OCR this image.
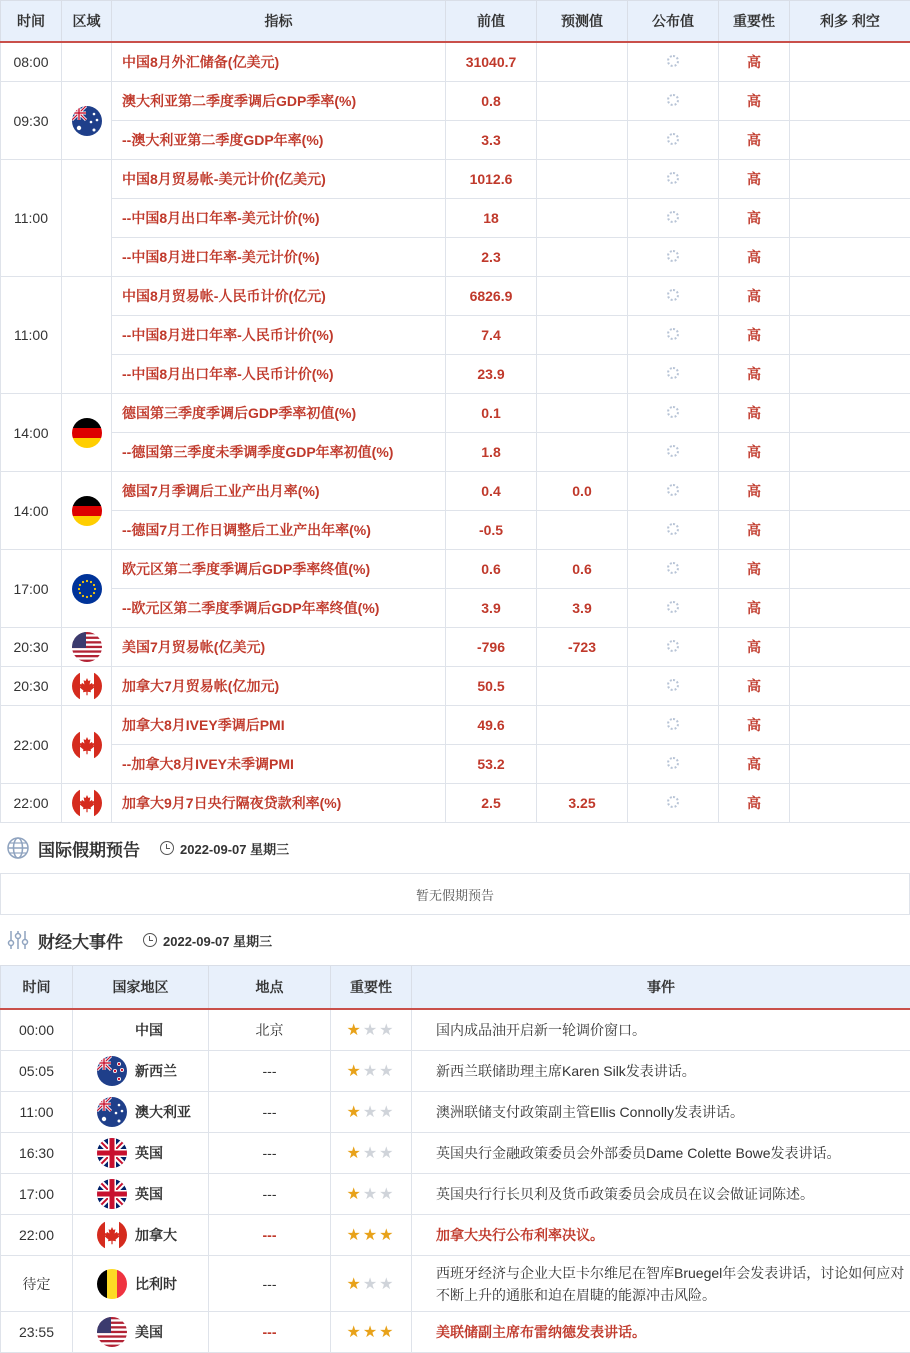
时间	区域	指标	前值	预测值	公布值	重要性	利多 利空
08:00		中国8月外汇储备(亿美元)	31040.7			高	
09:30		澳大利亚第二季度季调后GDP季率(%)	0.8			高	
		--澳大利亚第二季度GDP年率(%)	3.3			高	
11:00		中国8月贸易帐-美元计价(亿美元)	1012.6			高	
		--中国8月出口年率-美元计价(%)	18			高	
		--中国8月进口年率-美元计价(%)	2.3			高	
11:00		中国8月贸易帐-人民币计价(亿元)	6826.9			高	
		--中国8月进口年率-人民币计价(%)	7.4			高	
		--中国8月出口年率-人民币计价(%)	23.9			高	
14:00		德国第三季度季调后GDP季率初值(%)	0.1			高	
		--德国第三季度未季调季度GDP年率初值(%)	1.8			高	
14:00		德国7月季调后工业产出月率(%)	0.4	0.0		高	
		--德国7月工作日调整后工业产出年率(%)	-0.5			高	
17:00		欧元区第二季度季调后GDP季率终值(%)	0.6	0.6		高	
		--欧元区第二季度季调后GDP年率终值(%)	3.9	3.9		高	
20:30		美国7月贸易帐(亿美元)	-796	-723		高	
20:30		加拿大7月贸易帐(亿加元)	50.5			高	
22:00		加拿大8月IVEY季调后PMI	49.6			高	
		--加拿大8月IVEY未季调PMI	53.2			高	
22:00		加拿大9月7日央行隔夜贷款利率(%)	2.5	3.25		高	
国际假期预告	2022-09-07 星期三
暂无假期预告
财经大事件	2022-09-07 星期三
时间	国家地区	地点	重要性	事件
00:00	中国	北京	★★★	国内成品油开启新一轮调价窗口。
05:05	新西兰	---	★★★	新西兰联储助理主席Karen Silk发表讲话。
11:00	澳大利亚	---	★★★	澳洲联储支付政策副主管Ellis Connolly发表讲话。
16:30	英国	---	★★★	英国央行金融政策委员会外部委员Dame Colette Bowe发表讲话。
17:00	英国	---	★★★	英国央行行长贝利及货币政策委员会成员在议会做证词陈述。
22:00	加拿大	---	★★★	加拿大央行公布利率决议。
待定	比利时	---	★★★	西班牙经济与企业大臣卡尔维尼在智库Bruegel年会发表讲话，讨论如何应对不断上升的通胀和迫在眉睫的能源冲击风险。

23:55	美国	---	★★★	美联储副主席布雷纳德发表讲话。
